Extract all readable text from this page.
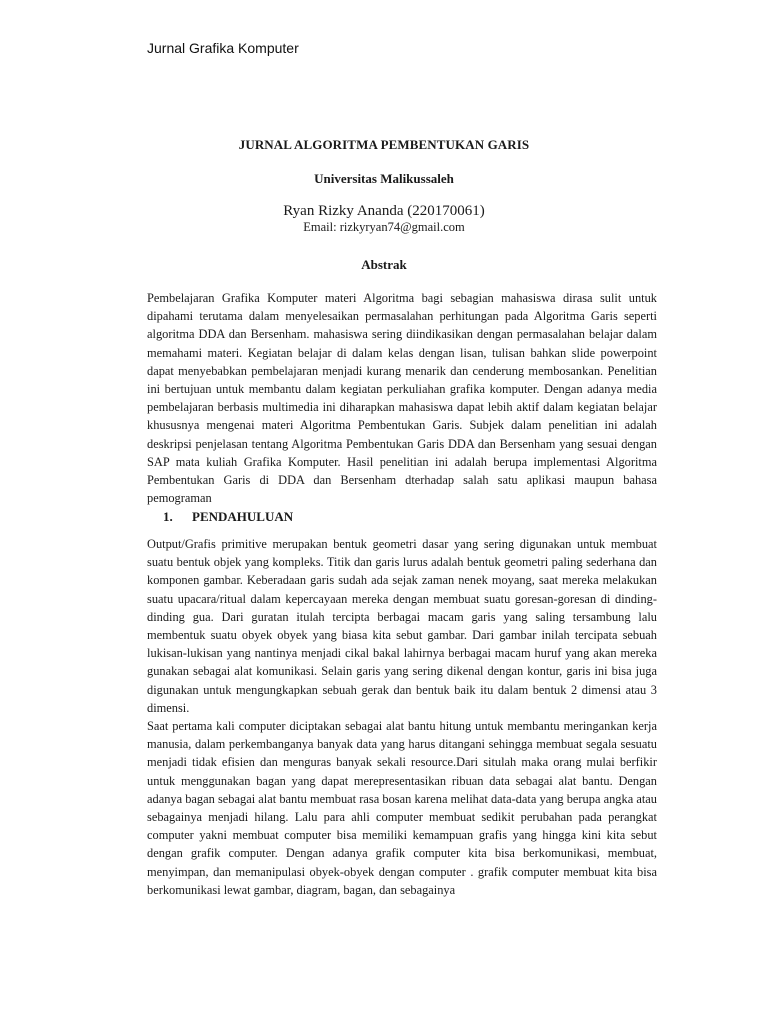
Jurnal Grafika Komputer
JURNAL ALGORITMA PEMBENTUKAN GARIS
Universitas Malikussaleh
Ryan Rizky Ananda (220170061)
Email: rizkyryan74@gmail.com
Abstrak

Pembelajaran Grafika Komputer materi Algoritma bagi sebagian mahasiswa dirasa sulit untuk dipahami terutama dalam menyelesaikan permasalahan perhitungan pada Algoritma Garis seperti algoritma DDA dan Bersenham. mahasiswa sering diindikasikan dengan permasalahan belajar dalam memahami materi. Kegiatan belajar di dalam kelas dengan lisan, tulisan bahkan slide powerpoint dapat menyebabkan pembelajaran menjadi kurang menarik dan cenderung membosankan. Penelitian ini bertujuan untuk membantu dalam kegiatan perkuliahan grafika komputer. Dengan adanya media pembelajaran berbasis multimedia ini diharapkan mahasiswa dapat lebih aktif dalam kegiatan belajar khususnya mengenai materi Algoritma Pembentukan Garis. Subjek dalam penelitian ini adalah deskripsi penjelasan tentang Algoritma Pembentukan Garis DDA dan Bersenham yang sesuai dengan SAP mata kuliah Grafika Komputer. Hasil penelitian ini adalah berupa implementasi Algoritma Pembentukan Garis di DDA dan Bersenham dterhadap salah satu aplikasi maupun bahasa pemograman

1. PENDAHULUAN

Output/Grafis primitive merupakan bentuk geometri dasar yang sering digunakan untuk membuat suatu bentuk objek yang kompleks. Titik dan garis lurus adalah bentuk geometri paling sederhana dan komponen gambar. Keberadaan garis sudah ada sejak zaman nenek moyang, saat mereka melakukan suatu upacara/ritual dalam kepercayaan mereka dengan membuat suatu goresan-goresan di dinding-dinding gua. Dari guratan itulah tercipta berbagai macam garis yang saling tersambung lalu membentuk suatu obyek obyek yang biasa kita sebut gambar. Dari gambar inilah tercipata sebuah lukisan-lukisan yang nantinya menjadi cikal bakal lahirnya berbagai macam huruf yang akan mereka gunakan sebagai alat komunikasi. Selain garis yang sering dikenal dengan kontur, garis ini bisa juga digunakan untuk mengungkapkan sebuah gerak dan bentuk baik itu dalam bentuk 2 dimensi atau 3 dimensi.

Saat pertama kali computer diciptakan sebagai alat bantu hitung untuk membantu meringankan kerja manusia, dalam perkembanganya banyak data yang harus ditangani sehingga membuat segala sesuatu menjadi tidak efisien dan menguras banyak sekali resource.Dari situlah maka orang mulai berfikir untuk menggunakan bagan yang dapat merepresentasikan ribuan data sebagai alat bantu. Dengan adanya bagan sebagai alat bantu membuat rasa bosan karena melihat data-data yang berupa angka atau sebagainya menjadi hilang. Lalu para ahli computer membuat sedikit perubahan pada perangkat computer yakni membuat computer bisa memiliki kemampuan grafis yang hingga kini kita sebut dengan grafik computer. Dengan adanya grafik computer kita bisa berkomunikasi, membuat, menyimpan, dan memanipulasi obyek-obyek dengan computer . grafik computer membuat kita bisa berkomunikasi lewat gambar, diagram, bagan, dan sebagainya
